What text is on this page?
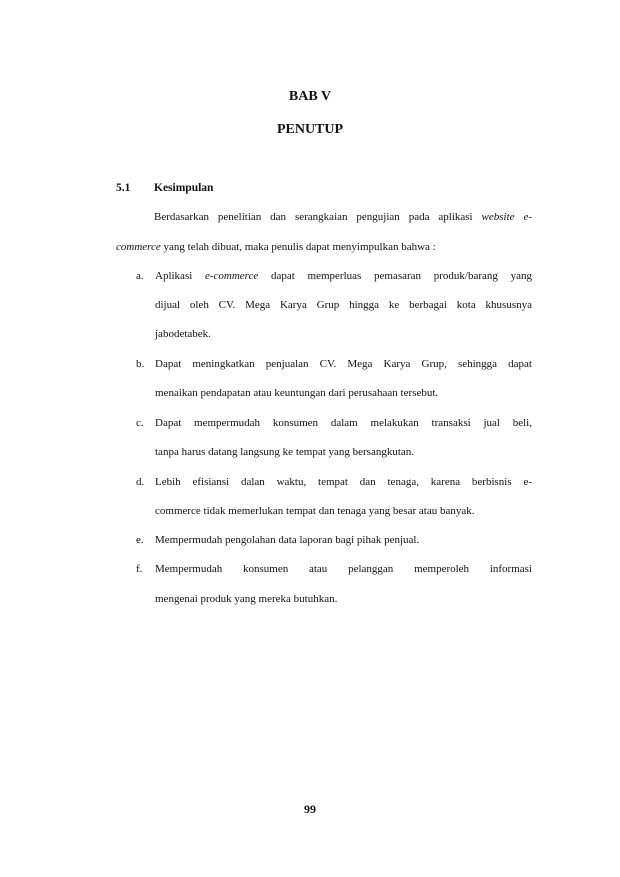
BAB V
PENUTUP
5.1 Kesimpulan

Berdasarkan penelitian dan serangkaian pengujian pada aplikasi website e-

commerce yang telah dibuat, maka penulis dapat menyimpulkan bahwa :

a. Aplikasi e-commerce dapat memperluas pemasaran produk/barang yang

dijual oleh CV. Mega Karya Grup hingga ke berbagai kota khususnya

jabodetabek.

b. Dapat meningkatkan penjualan CV. Mega Karya Grup, sehingga dapat

menaikan pendapatan atau keuntungan dari perusahaan tersebut.

c. Dapat mempermudah konsumen dalam melakukan transaksi jual beli,

tanpa harus datang langsung ke tempat yang bersangkutan.

d. Lebih efisiansi dalan waktu, tempat dan tenaga, karena berbisnis e-

commerce tidak memerlukan tempat dan tenaga yang besar atau banyak.

e. Mempermudah pengolahan data laporan bagi pihak penjual.

f. Mempermudah konsumen atau pelanggan memperoleh informasi

mengenai produk yang mereka butuhkan.

99
